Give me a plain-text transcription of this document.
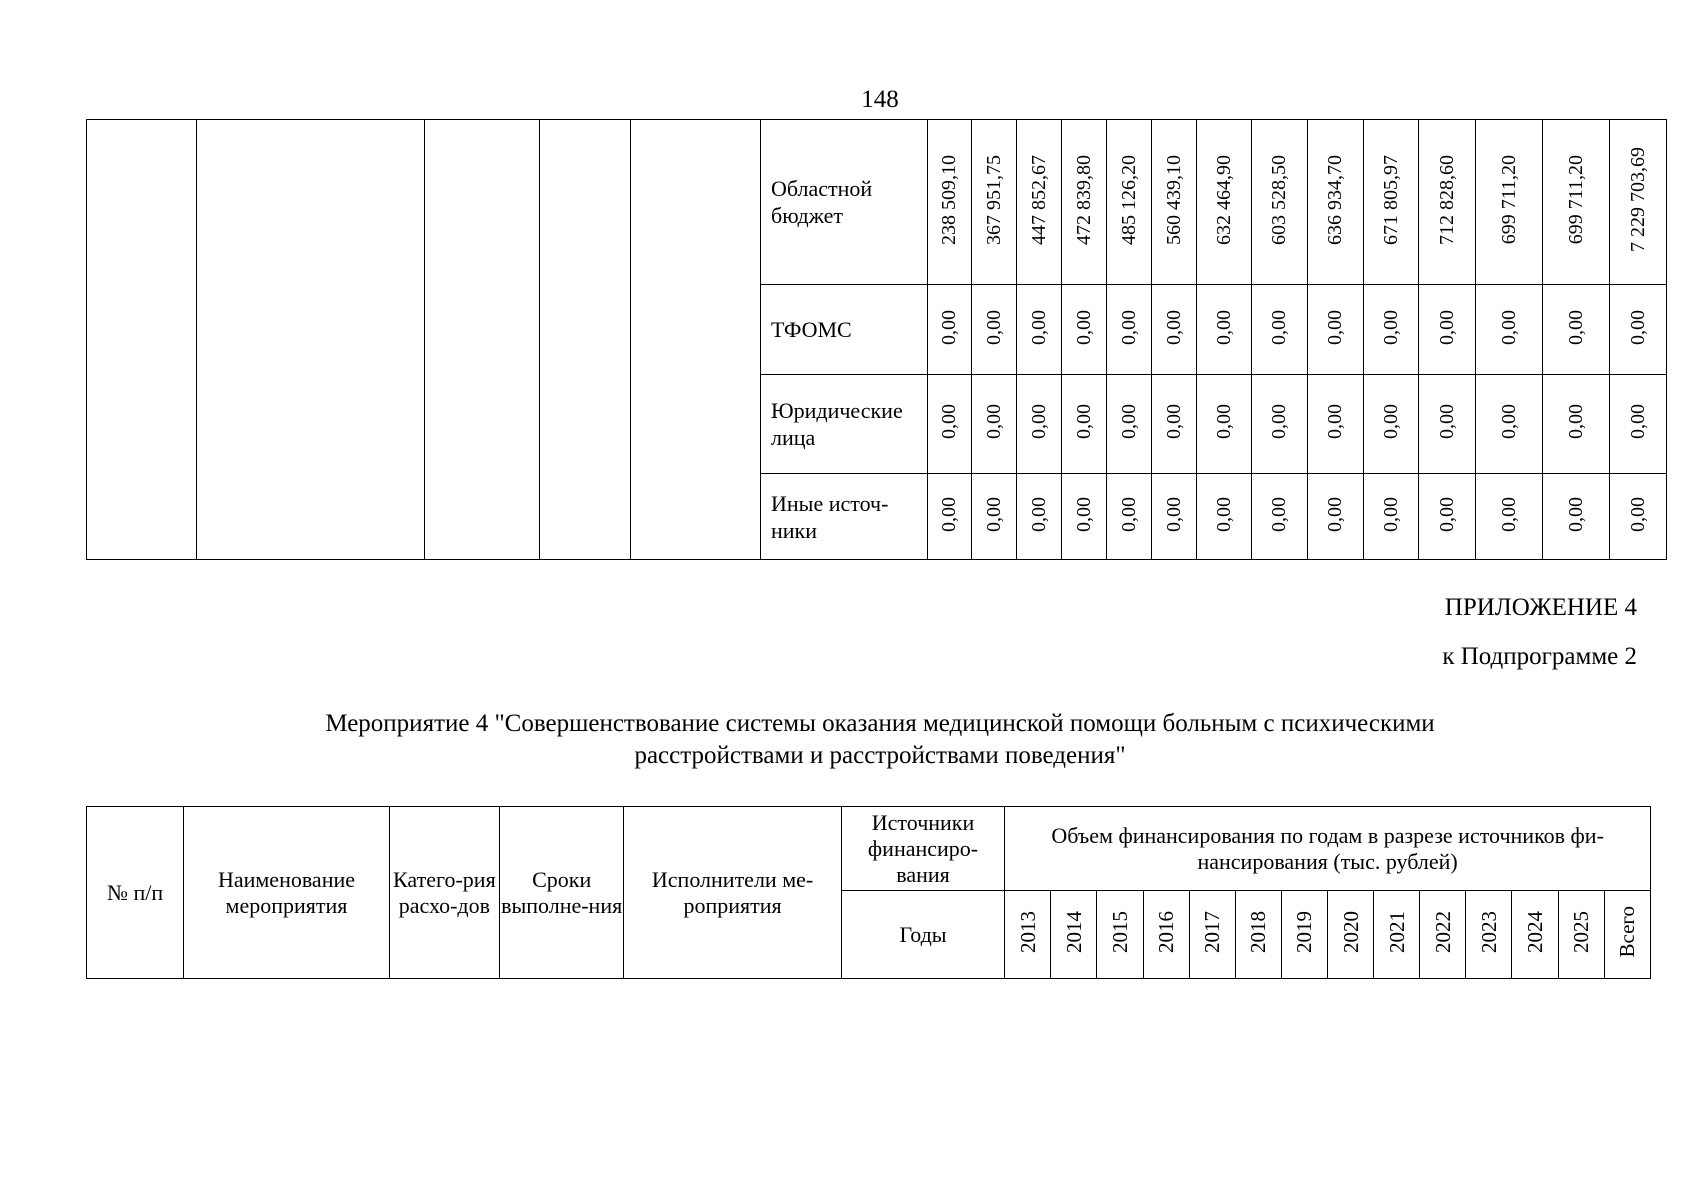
148
					Областной бюджет	238 509,10	367 951,75	447 852,67	472 839,80	485 126,20	560 439,10	632 464,90	603 528,50	636 934,70	671 805,97	712 828,60	699 711,20	699 711,20	7 229 703,69
					ТФОМС	0,00	0,00	0,00	0,00	0,00	0,00	0,00	0,00	0,00	0,00	0,00	0,00	0,00	0,00
					Юридические лица	0,00	0,00	0,00	0,00	0,00	0,00	0,00	0,00	0,00	0,00	0,00	0,00	0,00	0,00
					Иные источ-ники	0,00	0,00	0,00	0,00	0,00	0,00	0,00	0,00	0,00	0,00	0,00	0,00	0,00	0,00
ПРИЛОЖЕНИЕ 4
к Подпрограмме 2
Мероприятие 4 "Совершенствование системы оказания медицинской помощи больным с психическими
расстройствами и расстройствами поведения"
№ п/п	Наименование мероприятия	Катего-рия расхо-дов	Сроки выполне-ния	Исполнители ме-роприятия	Источники финансиро-вания	Объем финансирования по годам в разрезе источников фи-нансирования (тыс. рублей)													
					Годы	2013	2014	2015	2016	2017	2018	2019	2020	2021	2022	2023	2024	2025	Всего
